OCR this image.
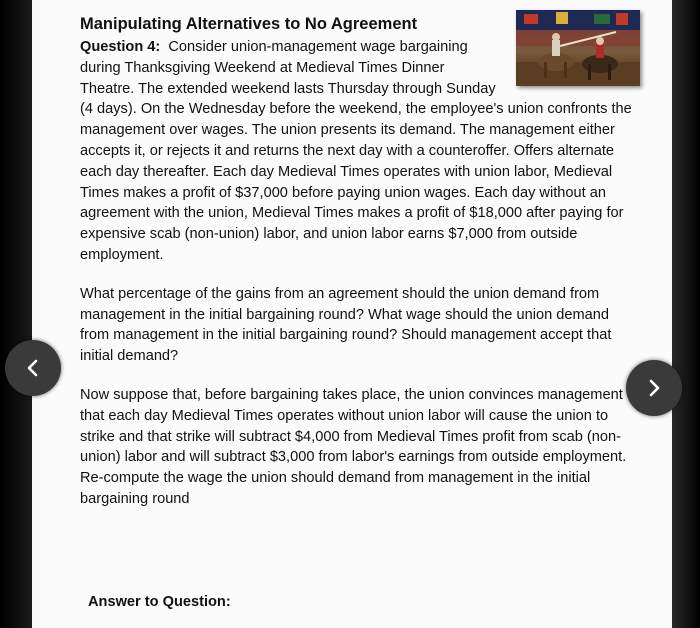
Manipulating Alternatives to No Agreement

Question 4: Consider union-management wage bargaining during Thanksgiving Weekend at Medieval Times Dinner Theatre. The extended weekend lasts Thursday through Sunday (4 days). On the Wednesday before the weekend, the employee's union confronts the management over wages. The union presents its demand. The management either accepts it, or rejects it and returns the next day with a counteroffer. Offers alternate each day thereafter. Each day Medieval Times operates with union labor, Medieval Times makes a profit of $37,000 before paying union wages. Each day without an agreement with the union, Medieval Times makes a profit of $18,000 after paying for expensive scab (non-union) labor, and union labor earns $7,000 from outside employment.

What percentage of the gains from an agreement should the union demand from management in the initial bargaining round? What wage should the union demand from management in the initial bargaining round? Should management accept that initial demand?

Now suppose that, before bargaining takes place, the union convinces management that each day Medieval Times operates without union labor will cause the union to strike and that strike will subtract $4,000 from Medieval Times profit from scab (non-union) labor and will subtract $3,000 from labor's earnings from outside employment. Re-compute the wage the union should demand from management in the initial bargaining round

Answer to Question:
